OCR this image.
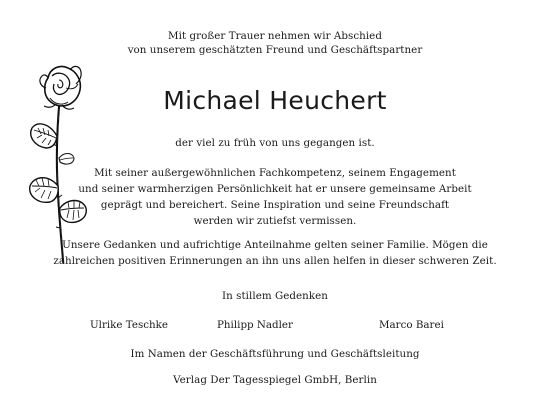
Mit großer Trauer nehmen wir Abschied
von unserem geschätzten Freund und Geschäftspartner
Michael Heuchert
der viel zu früh von uns gegangen ist.
Mit seiner außergewöhnlichen Fachkompetenz, seinem Engagement
und seiner warmherzigen Persönlichkeit hat er unsere gemeinsame Arbeit
geprägt und bereichert. Seine Inspiration und seine Freundschaft
werden wir zutiefst vermissen.
Unsere Gedanken und aufrichtige Anteilnahme gelten seiner Familie. Mögen die
zahlreichen positiven Erinnerungen an ihn uns allen helfen in dieser schweren Zeit.
In stillem Gedenken
Ulrike Teschke	Philipp Nadler	Marco Barei
Im Namen der Geschäftsführung und Geschäftsleitung
Verlag Der Tagesspiegel GmbH, Berlin
